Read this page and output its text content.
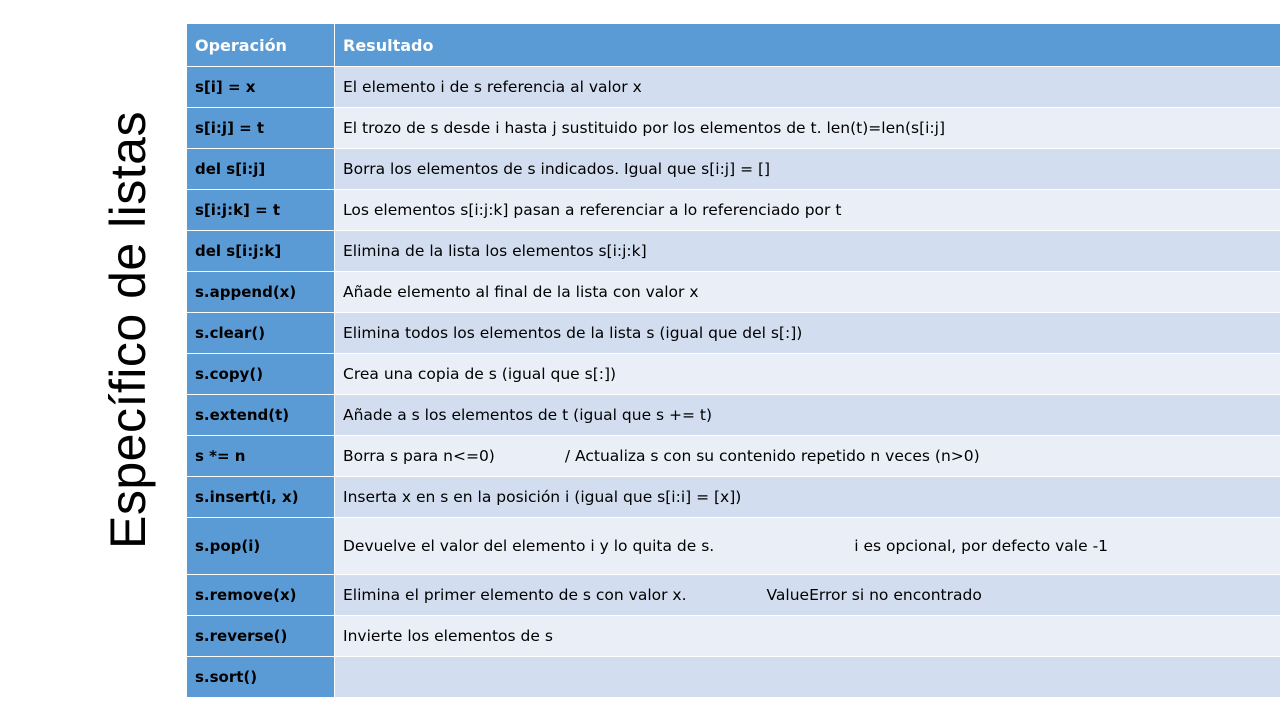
Específico de listas
Operación	Resultado
s[i] = x	El elemento i de s referencia al valor x
s[i:j] = t	El trozo de s desde i hasta j sustituido por los elementos de t. len(t)=len(s[i:j]
del s[i:j]	Borra los elementos de s indicados. Igual que s[i:j] = []
s[i:j:k] = t	Los elementos s[i:j:k] pasan a referenciar a lo referenciado por t
del s[i:j:k]	Elimina de la lista los elementos s[i:j:k]
s.append(x)	Añade elemento al final de la lista con valor x
s.clear()	Elimina todos los elementos de la lista s (igual que del s[:])
s.copy()	Crea una copia de s (igual que s[:])
s.extend(t)	Añade a s los elementos de t (igual que s += t)
s *= n	Borra s para n<=0) / Actualiza s con su contenido repetido n veces (n>0)
s.insert(i, x)	Inserta x en s en la posición i (igual que s[i:i] = [x])
s.pop(i)	Devuelve el valor del elemento i y lo quita de s. i es opcional, por defecto vale -1
s.remove(x)	Elimina el primer elemento de s con valor x. ValueError si no encontrado
s.reverse()	Invierte los elementos de s
s.sort()	
